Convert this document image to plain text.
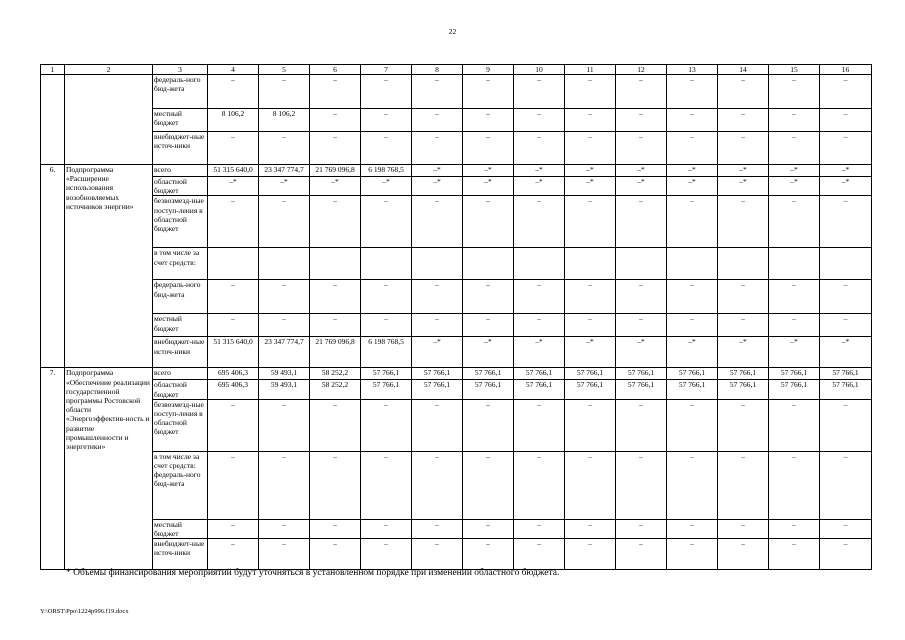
22
1	2	3	4	5	6	7	8	9	10	11	12	13	14	15	16
		федераль-ного бюд-жета	–	–	–	–	–	–	–	–	–	–	–	–	–
		местный бюджет	8 106,2	8 106,2	–	–	–	–	–	–	–	–	–	–	–
		внебюджет-ные источ-ники	–	–	–	–	–	–	–	–	–	–	–	–	–
6.	Подпрограмма «Расширение использования возобновляемых источников энергии»	всего	51 315 640,0	23 347 774,7	21 769 096,8	6 198 768,5	–*	–*	–*	–*	–*	–*	–*	–*	–*
		областной бюджет	–*	–*	–*	–*	–*	–*	–*	–*	–*	–*	–*	–*	–*
		безвозмезд-ные поступ-ления в областной бюджет	–	–	–	–	–	–	–	–	–	–	–	–	–
		в том числе за счет средств:													
		федераль-ного бюд-жета	–	–	–	–	–	–	–	–	–	–	–	–	–
		местный бюджет	–	–	–	–	–	–	–	–	–	–	–	–	–
		внебюджет-ные источ-ники	51 315 640,0	23 347 774,7	21 769 096,8	6 198 768,5	–*	–*	–*	–*	–*	–*	–*	–*	–*
7.	Подпрограмма «Обеспечение реализации государственной программы Ростовской области «Энергоэффектив-ность и развитие промышленности и энергетики»	всего	695 406,3	59 493,1	58 252,2	57 766,1	57 766,1	57 766,1	57 766,1	57 766,1	57 766,1	57 766,1	57 766,1	57 766,1	57 766,1
		областной бюджет	695 406,3	59 493,1	58 252,2	57 766,1	57 766,1	57 766,1	57 766,1	57 766,1	57 766,1	57 766,1	57 766,1	57 766,1	57 766,1
		безвозмезд-ные поступ-ления в областной бюджет	–	–	–	–	–	–	–	–	–	–	–	–	–
		в том числе за счет средств: федераль-ного бюд-жета	–	–	–	–	–	–	–	–	–	–	–	–	–
		местный бюджет	–	–	–	–	–	–	–	–	–	–	–	–	–
		внебюджет-ные источ-ники	–	–	–	–	–	–	–	–	–	–	–	–	–
* Объемы финансирования мероприятий будут уточняться в установленном порядке при изменении областного бюджета.
Y:\ORST\Ppo\1224p996.f19.docx
